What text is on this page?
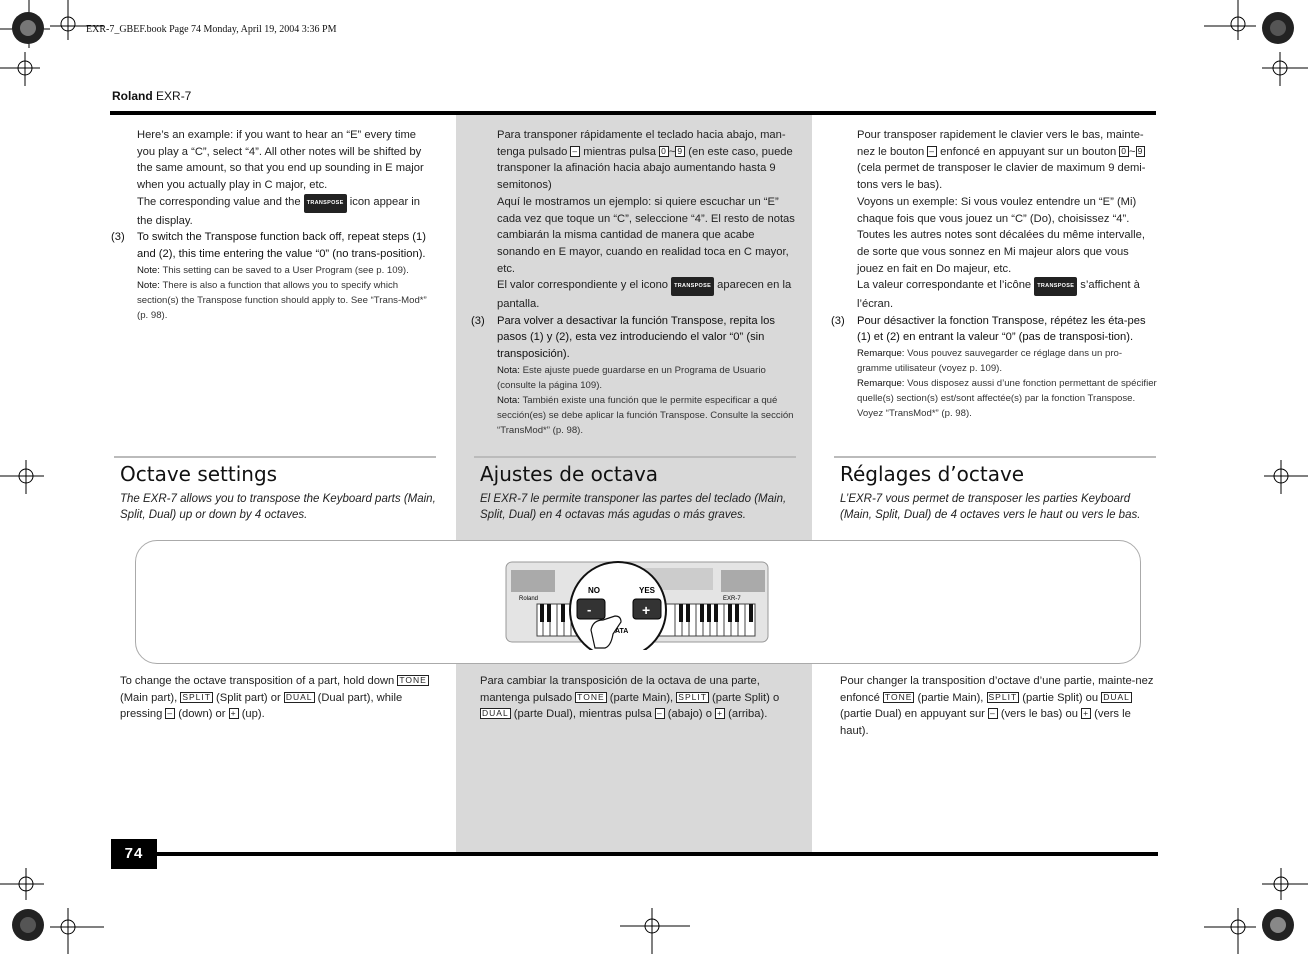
EXR-7_GBEF.book Page 74 Monday, April 19, 2004 3:36 PM
Roland EXR-7

Here’s an example: if you want to hear an “E” every time you play a “C”, select “4”. All other notes will be shifted by the same amount, so that you end up sounding in E major when you actually play in C major, etc.

The corresponding value and the TRANSPOSE icon appear in the display.

(3) To switch the Transpose function back off, repeat steps (1) and (2), this time entering the value “0” (no trans-position).

Note: This setting can be saved to a User Program (see p. 109).

Note: There is also a function that allows you to specify which section(s) the Transpose function should apply to. See “Trans-Mod*” (p. 98).

Para transponer rápidamente el teclado hacia abajo, man-tenga pulsado – mientras pulsa 0 ~ 9 (en este caso, puede transponer la afinación hacia abajo aumentando hasta 9 semitonos)

Aquí le mostramos un ejemplo: si quiere escuchar un “E” cada vez que toque un “C”, seleccione “4”. El resto de notas cambiarán la misma cantidad de manera que acabe sonando en E mayor, cuando en realidad toca en C mayor, etc.

El valor correspondiente y el icono TRANSPOSE aparecen en la pantalla.

(3) Para volver a desactivar la función Transpose, repita los pasos (1) y (2), esta vez introduciendo el valor “0” (sin transposición).

Nota: Este ajuste puede guardarse en un Programa de Usuario (consulte la página 109).

Nota: También existe una función que le permite especificar a qué sección(es) se debe aplicar la función Transpose. Consulte la sección “TransMod*” (p. 98).

Pour transposer rapidement le clavier vers le bas, mainte-nez le bouton – enfoncé en appuyant sur un bouton 0 ~ 9 (cela permet de transposer le clavier de maximum 9 demi-tons vers le bas).

Voyons un exemple: Si vous voulez entendre un “E” (Mi) chaque fois que vous jouez un “C” (Do), choisissez “4”. Toutes les autres notes sont décalées du même intervalle, de sorte que vous sonnez en Mi majeur alors que vous jouez en fait en Do majeur, etc.

La valeur correspondante et l’icône TRANSPOSE s’affichent à l’écran.

(3) Pour désactiver la fonction Transpose, répétez les éta-pes (1) et (2) en entrant la valeur “0” (pas de transposi-tion).

Remarque: Vous pouvez sauvegarder ce réglage dans un pro-gramme utilisateur (voyez p. 109).

Remarque: Vous disposez aussi d’une fonction permettant de spécifier quelle(s) section(s) est/sont affectée(s) par la fonction Transpose. Voyez “TransMod*” (p. 98).

Octave settings	Ajustes de octava	Réglages d’octave
The EXR-7 allows you to transpose the Keyboard parts (Main, Split, Dual) up or down by 4 octaves.
El EXR-7 le permite transponer las partes del teclado (Main, Split, Dual) en 4 octavas más agudas o más graves.
L’EXR-7 vous permet de transposer les parties Keyboard (Main, Split, Dual) de 4 octaves vers le haut ou vers le bas.
Roland	EXR-7
NO	YES
-	+
ATA

To change the octave transposition of a part, hold down TONE (Main part), SPLIT (Split part) or DUAL (Dual part), while pressing – (down) or + (up).

Para cambiar la transposición de la octava de una parte, mantenga pulsado TONE (parte Main), SPLIT (parte Split) o DUAL (parte Dual), mientras pulsa – (abajo) o + (arriba).

Pour changer la transposition d’octave d’une partie, mainte-nez enfoncé TONE (partie Main), SPLIT (partie Split) ou DUAL (partie Dual) en appuyant sur – (vers le bas) ou + (vers le haut).

74
